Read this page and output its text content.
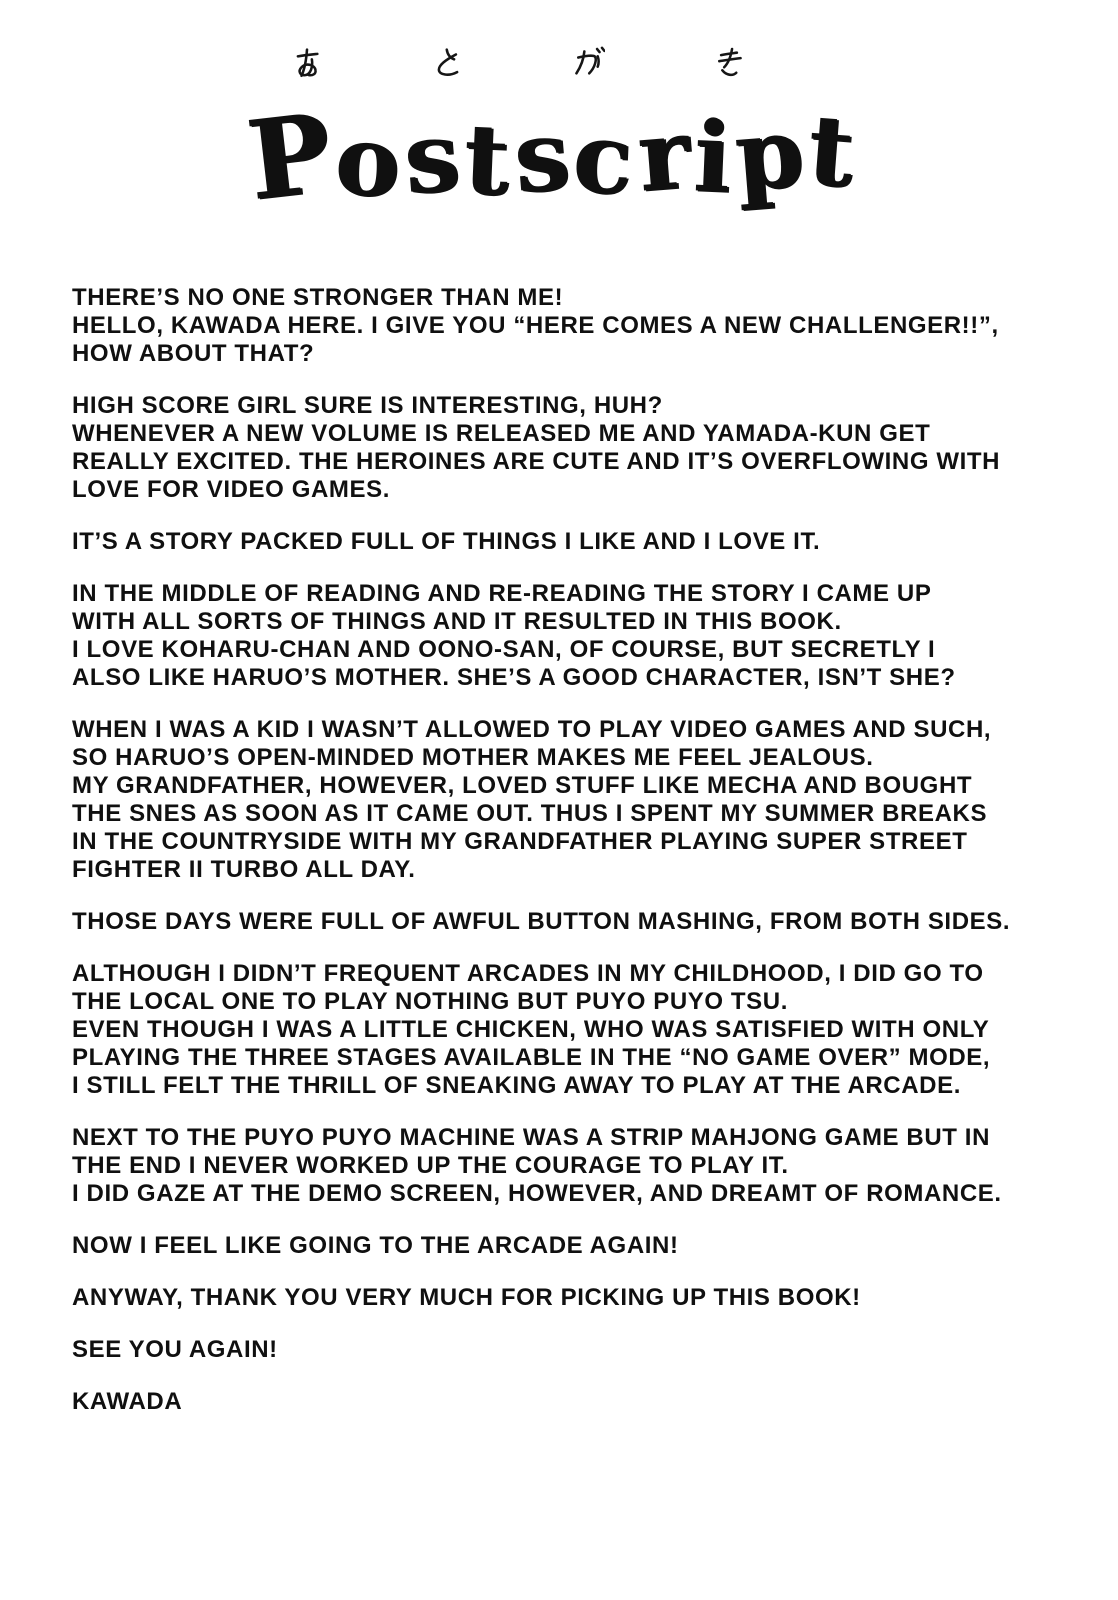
Postscript

THERE’S NO ONE STRONGER THAN ME!
HELLO, KAWADA HERE. I GIVE YOU “HERE COMES A NEW CHALLENGER!!”,
HOW ABOUT THAT?

HIGH SCORE GIRL SURE IS INTERESTING, HUH?
WHENEVER A NEW VOLUME IS RELEASED ME AND YAMADA-KUN GET
REALLY EXCITED. THE HEROINES ARE CUTE AND IT’S OVERFLOWING WITH
LOVE FOR VIDEO GAMES.

IT’S A STORY PACKED FULL OF THINGS I LIKE AND I LOVE IT.

IN THE MIDDLE OF READING AND RE-READING THE STORY I CAME UP
WITH ALL SORTS OF THINGS AND IT RESULTED IN THIS BOOK.
I LOVE KOHARU-CHAN AND OONO-SAN, OF COURSE, BUT SECRETLY I
ALSO LIKE HARUO’S MOTHER. SHE’S A GOOD CHARACTER, ISN’T SHE?

WHEN I WAS A KID I WASN’T ALLOWED TO PLAY VIDEO GAMES AND SUCH,
SO HARUO’S OPEN-MINDED MOTHER MAKES ME FEEL JEALOUS.
MY GRANDFATHER, HOWEVER, LOVED STUFF LIKE MECHA AND BOUGHT
THE SNES AS SOON AS IT CAME OUT. THUS I SPENT MY SUMMER BREAKS
IN THE COUNTRYSIDE WITH MY GRANDFATHER PLAYING SUPER STREET
FIGHTER II TURBO ALL DAY.

THOSE DAYS WERE FULL OF AWFUL BUTTON MASHING, FROM BOTH SIDES.

ALTHOUGH I DIDN’T FREQUENT ARCADES IN MY CHILDHOOD, I DID GO TO
THE LOCAL ONE TO PLAY NOTHING BUT PUYO PUYO TSU.
EVEN THOUGH I WAS A LITTLE CHICKEN, WHO WAS SATISFIED WITH ONLY
PLAYING THE THREE STAGES AVAILABLE IN THE “NO GAME OVER” MODE,
I STILL FELT THE THRILL OF SNEAKING AWAY TO PLAY AT THE ARCADE.

NEXT TO THE PUYO PUYO MACHINE WAS A STRIP MAHJONG GAME BUT IN
THE END I NEVER WORKED UP THE COURAGE TO PLAY IT.
I DID GAZE AT THE DEMO SCREEN, HOWEVER, AND DREAMT OF ROMANCE.

NOW I FEEL LIKE GOING TO THE ARCADE AGAIN!

ANYWAY, THANK YOU VERY MUCH FOR PICKING UP THIS BOOK!

SEE YOU AGAIN!

KAWADA
